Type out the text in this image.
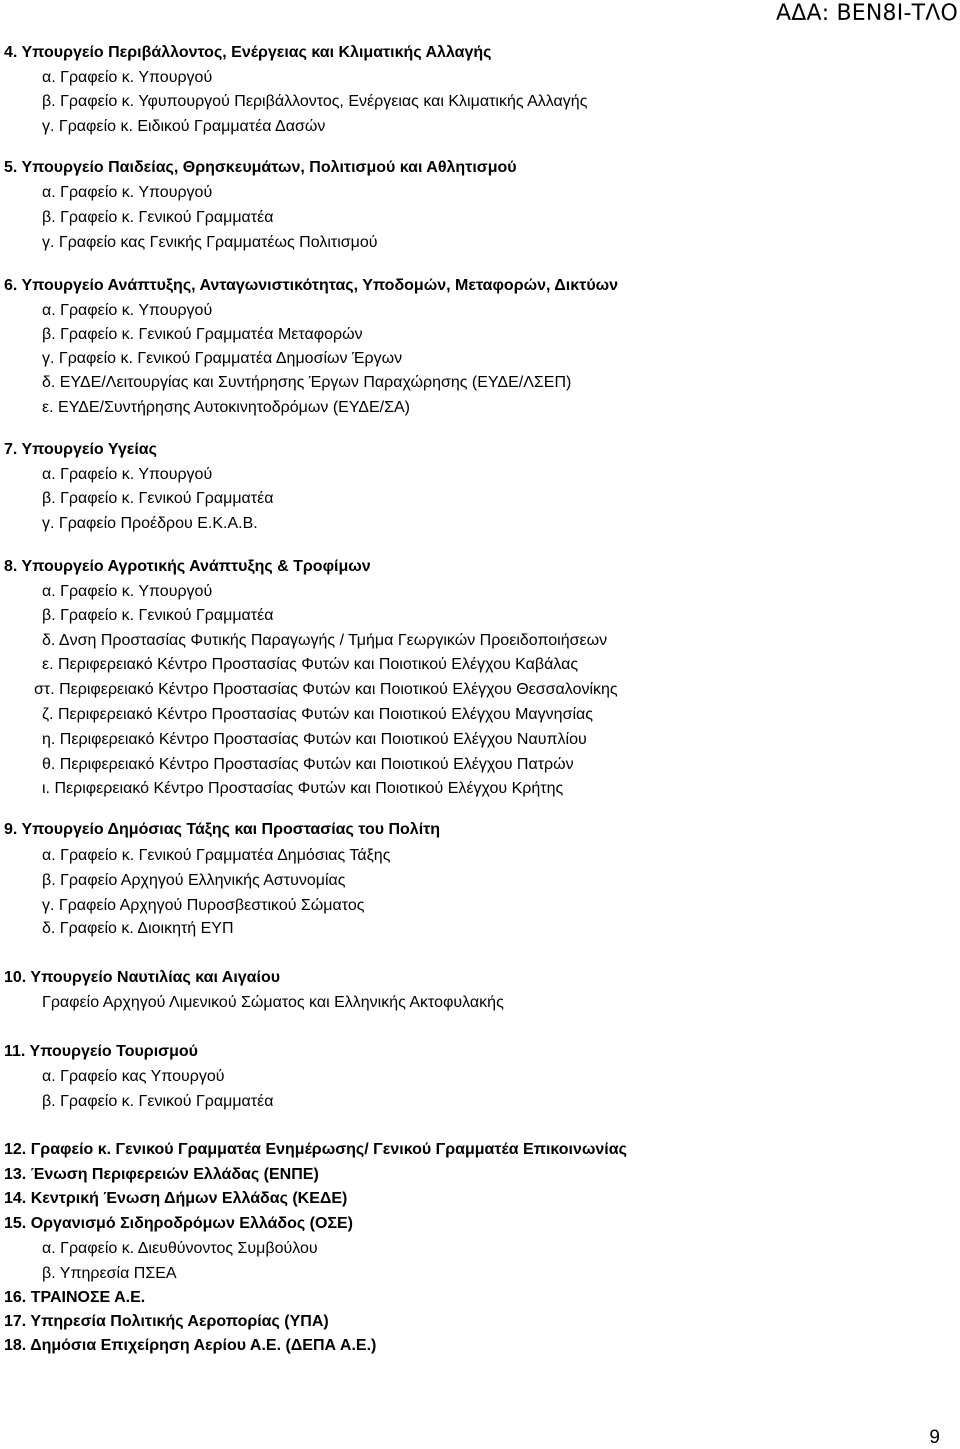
ΑΔΑ: ΒΕΝ8Ι-ΤΛΟ
4. Υπουργείο Περιβάλλοντος, Ενέργειας και Κλιματικής Αλλαγής
α. Γραφείο κ. Υπουργού
β. Γραφείο κ. Υφυπουργού Περιβάλλοντος, Ενέργειας και Κλιματικής Αλλαγής
γ. Γραφείο κ. Ειδικού Γραμματέα Δασών
5. Υπουργείο Παιδείας, Θρησκευμάτων, Πολιτισμού και Αθλητισμού
α. Γραφείο κ. Υπουργού
β. Γραφείο κ. Γενικού Γραμματέα
γ. Γραφείο κας Γενικής Γραμματέως Πολιτισμού
6. Υπουργείο Ανάπτυξης, Ανταγωνιστικότητας, Υποδομών, Μεταφορών, Δικτύων
α. Γραφείο κ. Υπουργού
β. Γραφείο κ. Γενικού Γραμματέα Μεταφορών
γ. Γραφείο κ. Γενικού Γραμματέα Δημοσίων Έργων
δ. ΕΥΔΕ/Λειτουργίας και Συντήρησης Έργων Παραχώρησης (ΕΥΔΕ/ΛΣΕΠ)
ε. ΕΥΔΕ/Συντήρησης Αυτοκινητοδρόμων (ΕΥΔΕ/ΣΑ)
7. Υπουργείο Υγείας
α. Γραφείο κ. Υπουργού
β. Γραφείο κ. Γενικού Γραμματέα
γ. Γραφείο Προέδρου Ε.Κ.Α.Β.
8. Υπουργείο Αγροτικής Ανάπτυξης & Τροφίμων
α. Γραφείο κ. Υπουργού
β. Γραφείο κ. Γενικού Γραμματέα
δ. Δνση Προστασίας Φυτικής Παραγωγής / Τμήμα Γεωργικών Προειδοποιήσεων
ε. Περιφερειακό Κέντρο Προστασίας Φυτών και Ποιοτικού Ελέγχου Καβάλας
στ. Περιφερειακό Κέντρο Προστασίας Φυτών και Ποιοτικού Ελέγχου Θεσσαλονίκης
ζ. Περιφερειακό Κέντρο Προστασίας Φυτών και Ποιοτικού Ελέγχου Μαγνησίας
η. Περιφερειακό Κέντρο Προστασίας Φυτών και Ποιοτικού Ελέγχου Ναυπλίου
θ. Περιφερειακό Κέντρο Προστασίας Φυτών και Ποιοτικού Ελέγχου Πατρών
ι. Περιφερειακό Κέντρο Προστασίας Φυτών και Ποιοτικού Ελέγχου Κρήτης
9. Υπουργείο Δημόσιας Τάξης και Προστασίας του Πολίτη
α. Γραφείο κ. Γενικού Γραμματέα Δημόσιας Τάξης
β. Γραφείο Αρχηγού Ελληνικής Αστυνομίας
γ. Γραφείο Αρχηγού Πυροσβεστικού Σώματος
δ. Γραφείο κ. Διοικητή ΕΥΠ
10. Υπουργείο Ναυτιλίας και Αιγαίου
Γραφείο Αρχηγού Λιμενικού Σώματος και Ελληνικής Ακτοφυλακής
11. Υπουργείο Τουρισμού
α. Γραφείο κας Υπουργού
β. Γραφείο κ. Γενικού Γραμματέα
12. Γραφείο κ. Γενικού Γραμματέα Ενημέρωσης/ Γενικού Γραμματέα Επικοινωνίας
13. Ένωση Περιφερειών Ελλάδας (ΕΝΠΕ)
14. Κεντρική Ένωση Δήμων Ελλάδας (ΚΕΔΕ)
15. Οργανισμό Σιδηροδρόμων Ελλάδος (ΟΣΕ)
α. Γραφείο κ. Διευθύνοντος Συμβούλου
β. Υπηρεσία ΠΣΕΑ
16. ΤΡΑΙΝΟΣΕ Α.Ε.
17. Υπηρεσία Πολιτικής Αεροπορίας (ΥΠΑ)
18. Δημόσια Επιχείρηση Αερίου Α.Ε. (ΔΕΠΑ Α.Ε.)
9
